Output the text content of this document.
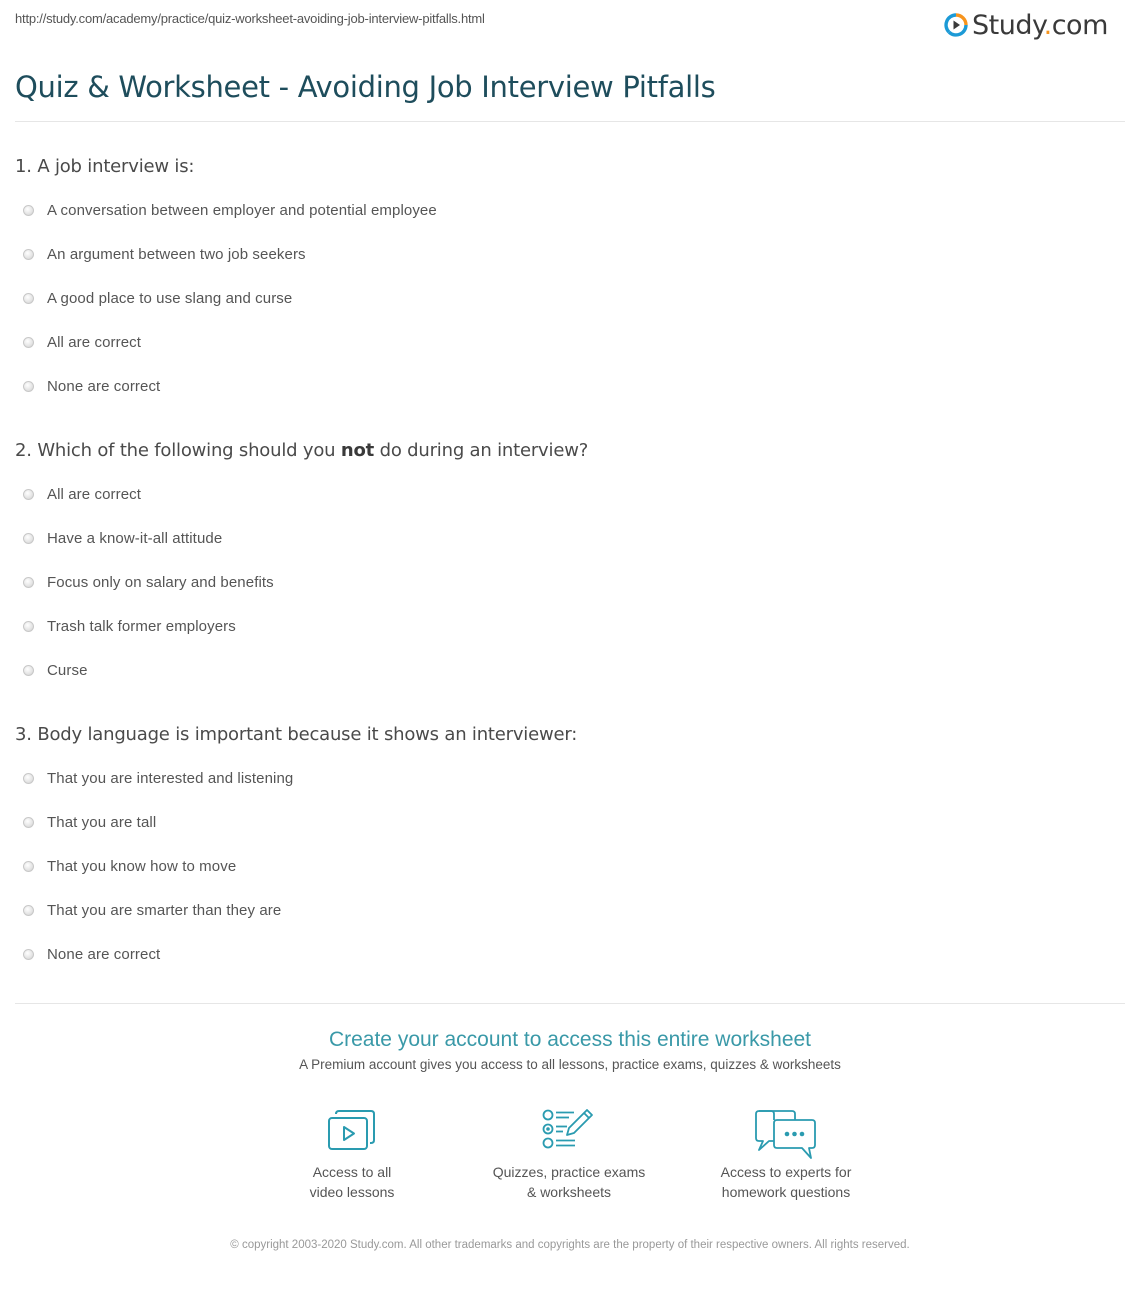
http://study.com/academy/practice/quiz-worksheet-avoiding-job-interview-pitfalls.html	Study.com
Quiz & Worksheet - Avoiding Job Interview Pitfalls
1. A job interview is:
A conversation between employer and potential employee
An argument between two job seekers
A good place to use slang and curse
All are correct
None are correct
2. Which of the following should you not do during an interview?
All are correct
Have a know-it-all attitude
Focus only on salary and benefits
Trash talk former employers
Curse
3. Body language is important because it shows an interviewer:
That you are interested and listening
That you are tall
That you know how to move
That you are smarter than they are
None are correct
Create your account to access this entire worksheet
A Premium account gives you access to all lessons, practice exams, quizzes & worksheets
Access to all
video lessons
Quizzes, practice exams
& worksheets
Access to experts for
homework questions
© copyright 2003-2020 Study.com. All other trademarks and copyrights are the property of their respective owners. All rights reserved.
